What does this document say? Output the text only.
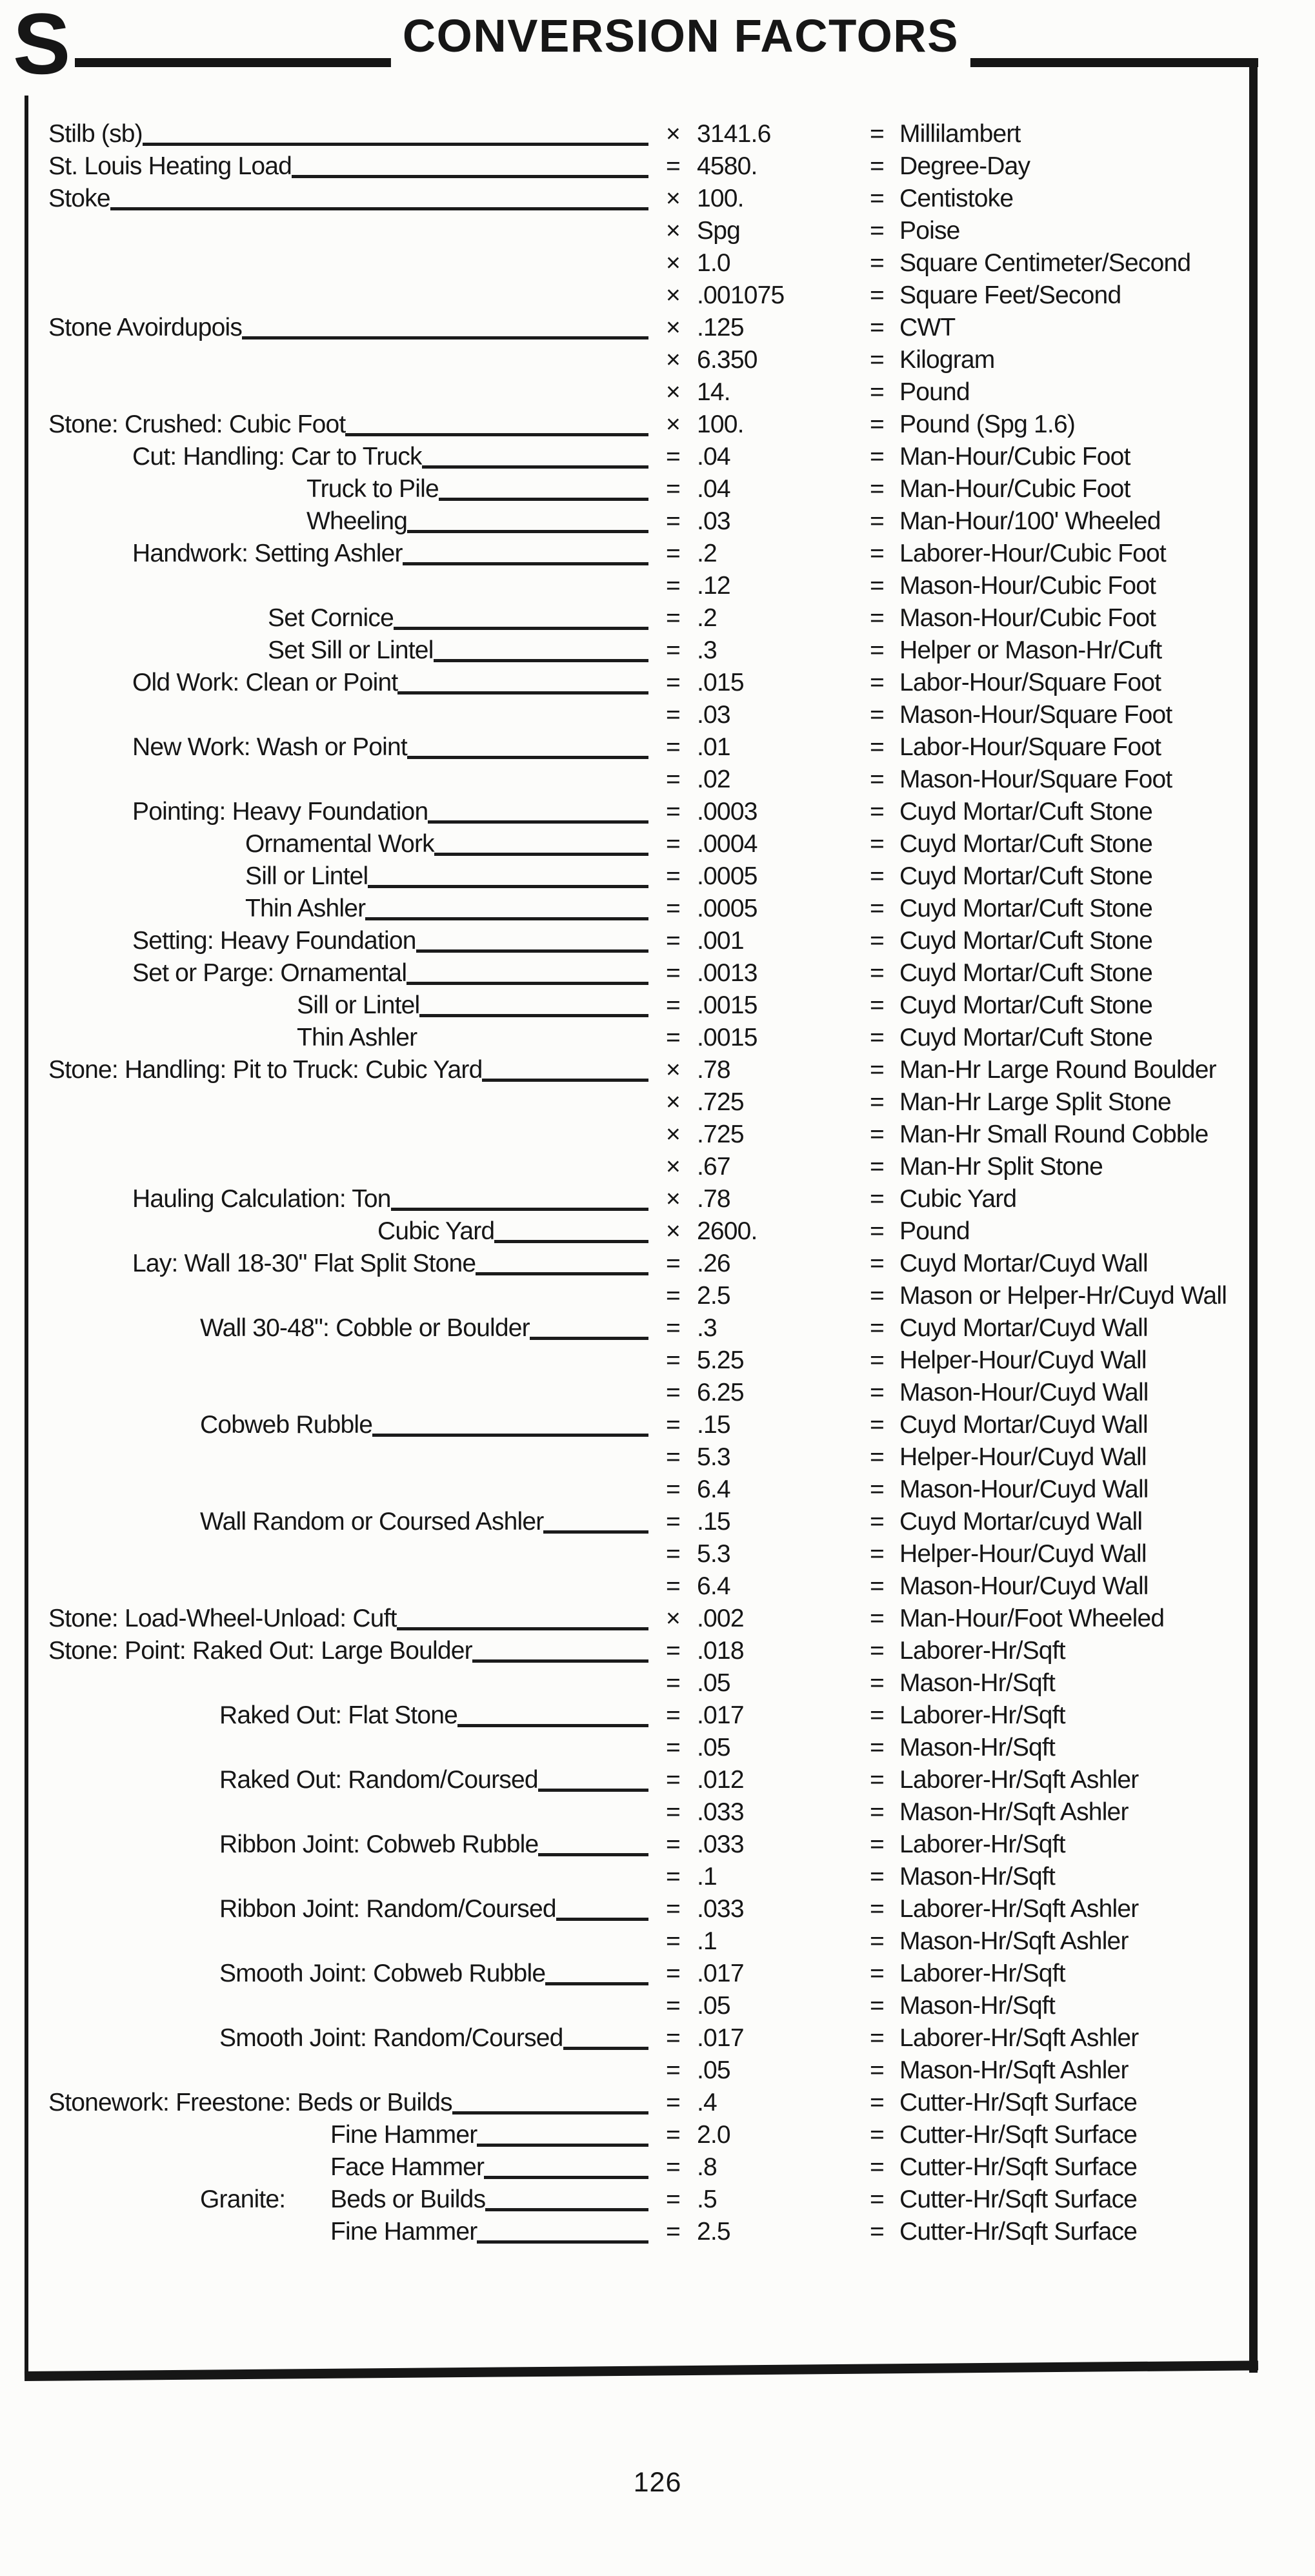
S	CONVERSION FACTORS
Stilb (sb)	× 3141.6	= Millilambert
St. Louis Heating Load	= 4580.	= Degree-Day
Stoke	× 100.	= Centistoke
× Spg	= Poise
× 1.0	= Square Centimeter/Second
× .001075	= Square Feet/Second
Stone Avoirdupois	× .125	= CWT
× 6.350	= Kilogram
× 14.	= Pound
Stone: Crushed: Cubic Foot	× 100.	= Pound (Spg 1.6)
Cut: Handling: Car to Truck	= .04	= Man-Hour/Cubic Foot
Truck to Pile	= .04	= Man-Hour/Cubic Foot
Wheeling	= .03	= Man-Hour/100' Wheeled
Handwork: Setting Ashler	= .2	= Laborer-Hour/Cubic Foot
= .12	= Mason-Hour/Cubic Foot
Set Cornice	= .2	= Mason-Hour/Cubic Foot
Set Sill or Lintel	= .3	= Helper or Mason-Hr/Cuft
Old Work: Clean or Point	= .015	= Labor-Hour/Square Foot
= .03	= Mason-Hour/Square Foot
New Work: Wash or Point	= .01	= Labor-Hour/Square Foot
= .02	= Mason-Hour/Square Foot
Pointing: Heavy Foundation	= .0003	= Cuyd Mortar/Cuft Stone
Ornamental Work	= .0004	= Cuyd Mortar/Cuft Stone
Sill or Lintel	= .0005	= Cuyd Mortar/Cuft Stone
Thin Ashler	= .0005	= Cuyd Mortar/Cuft Stone
Setting: Heavy Foundation	= .001	= Cuyd Mortar/Cuft Stone
Set or Parge: Ornamental	= .0013	= Cuyd Mortar/Cuft Stone
Sill or Lintel	= .0015	= Cuyd Mortar/Cuft Stone
Thin Ashler	= .0015	= Cuyd Mortar/Cuft Stone
Stone: Handling: Pit to Truck: Cubic Yard	× .78	= Man-Hr Large Round Boulder
× .725	= Man-Hr Large Split Stone
× .725	= Man-Hr Small Round Cobble
× .67	= Man-Hr Split Stone
Hauling Calculation: Ton	× .78	= Cubic Yard
Cubic Yard	× 2600.	= Pound
Lay: Wall 18-30" Flat Split Stone	= .26	= Cuyd Mortar/Cuyd Wall
= 2.5	= Mason or Helper-Hr/Cuyd Wall
Wall 30-48": Cobble or Boulder	= .3	= Cuyd Mortar/Cuyd Wall
= 5.25	= Helper-Hour/Cuyd Wall
= 6.25	= Mason-Hour/Cuyd Wall
Cobweb Rubble	= .15	= Cuyd Mortar/Cuyd Wall
= 5.3	= Helper-Hour/Cuyd Wall
= 6.4	= Mason-Hour/Cuyd Wall
Wall Random or Coursed Ashler	= .15	= Cuyd Mortar/cuyd Wall
= 5.3	= Helper-Hour/Cuyd Wall
= 6.4	= Mason-Hour/Cuyd Wall
Stone: Load-Wheel-Unload: Cuft	× .002	= Man-Hour/Foot Wheeled
Stone: Point: Raked Out: Large Boulder	= .018	= Laborer-Hr/Sqft
= .05	= Mason-Hr/Sqft
Raked Out: Flat Stone	= .017	= Laborer-Hr/Sqft
= .05	= Mason-Hr/Sqft
Raked Out: Random/Coursed	= .012	= Laborer-Hr/Sqft Ashler
= .033	= Mason-Hr/Sqft Ashler
Ribbon Joint: Cobweb Rubble	= .033	= Laborer-Hr/Sqft
= .1	= Mason-Hr/Sqft
Ribbon Joint: Random/Coursed	= .033	= Laborer-Hr/Sqft Ashler
= .1	= Mason-Hr/Sqft Ashler
Smooth Joint: Cobweb Rubble	= .017	= Laborer-Hr/Sqft
= .05	= Mason-Hr/Sqft
Smooth Joint: Random/Coursed	= .017	= Laborer-Hr/Sqft Ashler
= .05	= Mason-Hr/Sqft Ashler
Stonework: Freestone: Beds or Builds	= .4	= Cutter-Hr/Sqft Surface
Fine Hammer	= 2.0	= Cutter-Hr/Sqft Surface
Face Hammer	= .8	= Cutter-Hr/Sqft Surface
Granite: Beds or Builds	= .5	= Cutter-Hr/Sqft Surface
Fine Hammer	= 2.5	= Cutter-Hr/Sqft Surface
126
